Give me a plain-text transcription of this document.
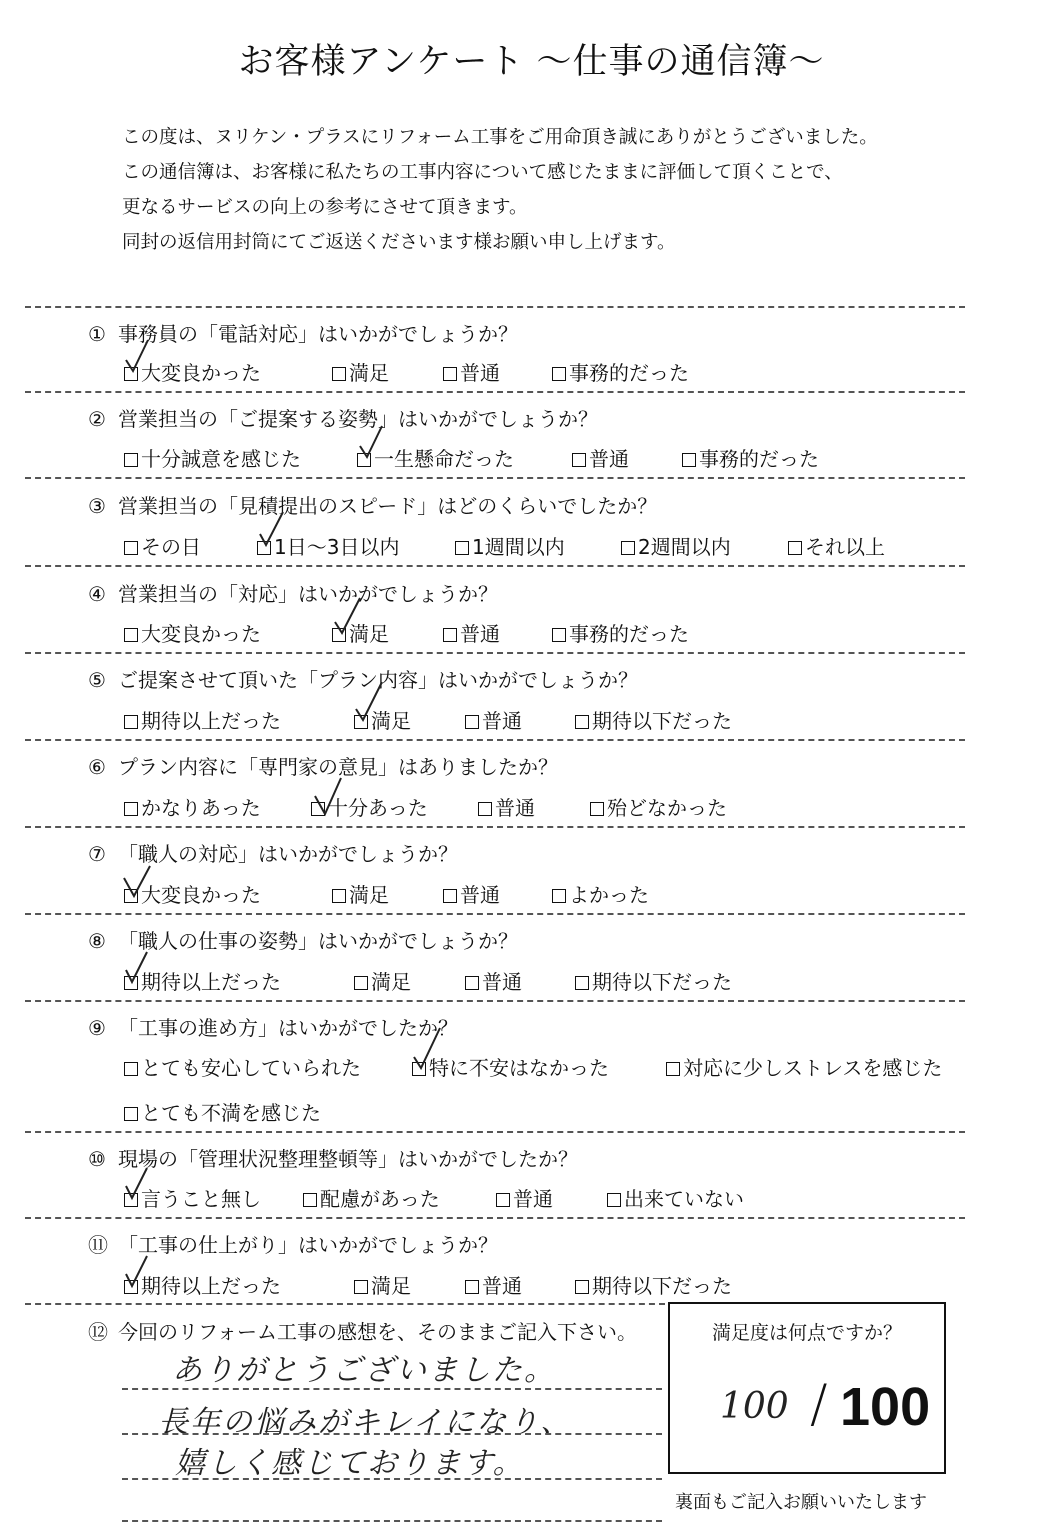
お客様アンケート ～仕事の通信簿～
この度は、ヌリケン・プラスにリフォーム工事をご用命頂き誠にありがとうございました。
この通信簿は、お客様に私たちの工事内容について感じたままに評価して頂くことで、
更なるサービスの向上の参考にさせて頂きます。
同封の返信用封筒にてご返送くださいます様お願い申し上げます。
① 事務員の「電話対応」はいかがでしょうか？
大変良かった	満足	普通	事務的だった
② 営業担当の「ご提案する姿勢」はいかがでしょうか？
十分誠意を感じた	一生懸命だった	普通	事務的だった
③ 営業担当の「見積提出のスピード」はどのくらいでしたか？
その日	1日～3日以内	1週間以内	2週間以内	それ以上
④ 営業担当の「対応」はいかがでしょうか？
大変良かった	満足	普通	事務的だった
⑤ ご提案させて頂いた「プラン内容」はいかがでしょうか？
期待以上だった	満足	普通	期待以下だった
⑥ プラン内容に「専門家の意見」はありましたか？
かなりあった	十分あった	普通	殆どなかった
⑦ 「職人の対応」はいかがでしょうか？
大変良かった	満足	普通	よかった
⑧ 「職人の仕事の姿勢」はいかがでしょうか？
期待以上だった	満足	普通	期待以下だった
⑨ 「工事の進め方」はいかがでしたか？
とても安心していられた	特に不安はなかった	対応に少しストレスを感じた
とても不満を感じた
⑩ 現場の「管理状況整理整頓等」はいかがでしたか？
言うこと無し	配慮があった	普通	出来ていない
⑪ 「工事の仕上がり」はいかがでしょうか？
期待以上だった	満足	普通	期待以下だった
⑫ 今回のリフォーム工事の感想を、そのままご記入下さい。
ありがとうございました。
長年の悩みがキレイになり、
嬉しく感じております。
満足度は何点ですか？
100 / 100
裏面もご記入お願いいたします
